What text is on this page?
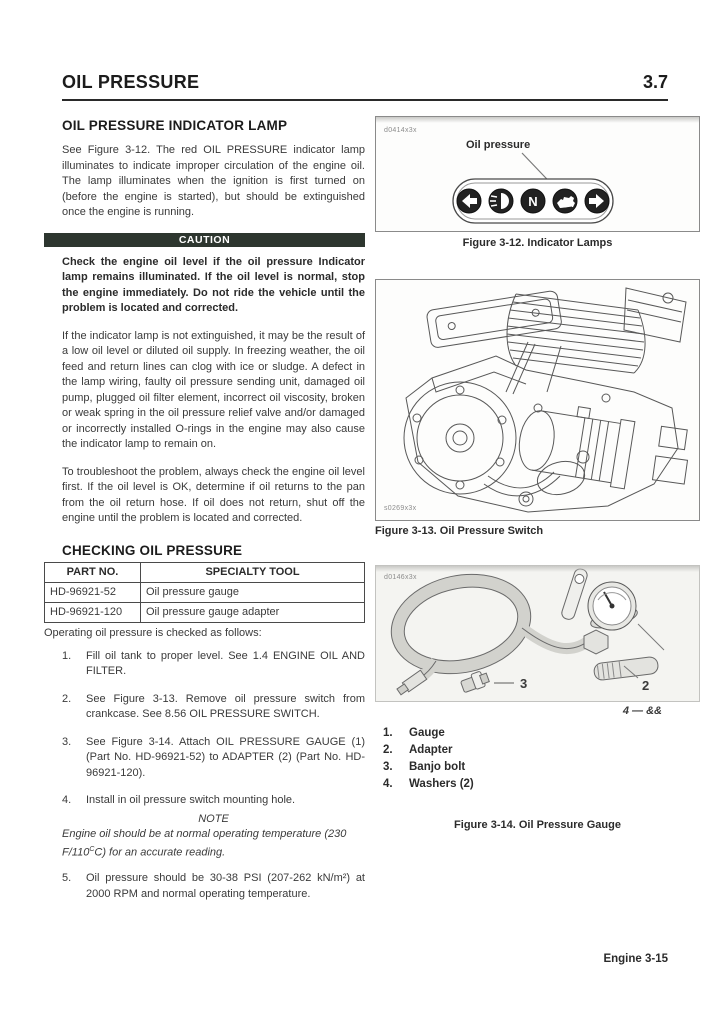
OIL PRESSURE	3.7
OIL PRESSURE INDICATOR LAMP
See Figure 3-12. The red OIL PRESSURE indicator lamp illuminates to indicate improper circulation of the engine oil. The lamp illuminates when the ignition is first turned on (before the engine is started), but should be extinguished once the engine is running.
CAUTION
Check the engine oil level if the oil pressure Indicator lamp remains illuminated. If the oil level is normal, stop the engine immediately. Do not ride the vehicle until the problem is located and corrected.
If the indicator lamp is not extinguished, it may be the result of a low oil level or diluted oil supply. In freezing weather, the oil feed and return lines can clog with ice or sludge. A defect in the lamp wiring, faulty oil pressure sending unit, damaged oil pump, plugged oil filter element, incorrect oil viscosity, broken or weak spring in the oil pressure relief valve and/or damaged or incorrectly installed O-rings in the engine may also cause the indicator lamp to remain on.
To troubleshoot the problem, always check the engine oil level first. If the oil level is OK, determine if oil returns to the pan from the oil return hose. If oil does not return, shut off the engine until the problem is located and corrected.
CHECKING OIL PRESSURE
PART NO.	SPECIALTY TOOL
HD-96921-52	Oil pressure gauge
HD-96921-120	Oil pressure gauge adapter
Operating oil pressure is checked as follows:
1.	Fill oil tank to proper level. See 1.4 ENGINE OIL AND FILTER.
2.	See Figure 3-13. Remove oil pressure switch from crankcase. See 8.56 OIL PRESSURE SWITCH.
3.	See Figure 3-14. Attach OIL PRESSURE GAUGE (1) (Part No. HD-96921-52) to ADAPTER (2) (Part No. HD-96921-120).
4.	Install in oil pressure switch mounting hole.
NOTE
Engine oil should be at normal operating temperature (230 $F/110^CC$) for an accurate reading.
5.	Oil pressure should be 30-38 PSI (207-262 kN/m²) at 2000 RPM and normal operating temperature.
d0414x3x
Oil pressure
N
Figure 3-12. Indicator Lamps
s0269x3x
Figure 3-13. Oil Pressure Switch
d0146x3x
2
3
4 — &&
1.	Gauge
2.	Adapter
3.	Banjo bolt
4.	Washers (2)
Figure 3-14. Oil Pressure Gauge
Engine 3-15
